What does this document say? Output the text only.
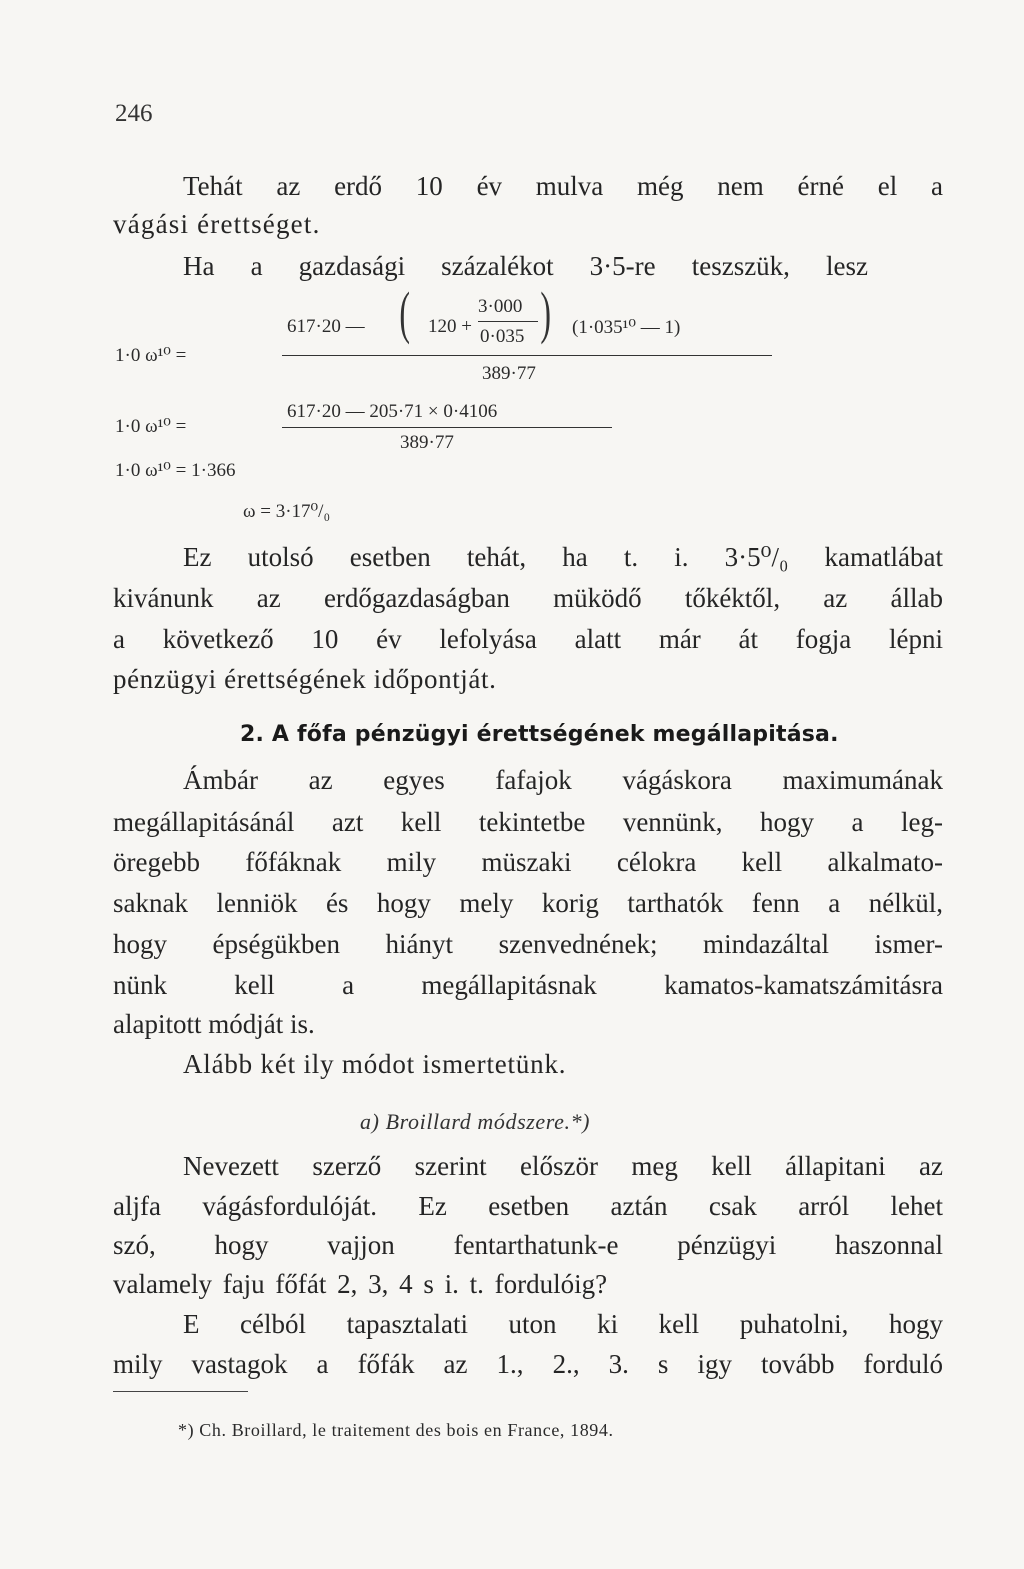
246
Tehát az erdő 10 év mulva még nem érné el a
vágási érettséget.
Ha a gazdasági százalékot 3·5-re teszszük, lesz
1·0 ω¹⁰ =
617·20 — ( 120 +
3·000
0·035 ) (1·035¹⁰ — 1)
389·77
1·0 ω¹⁰ =
617·20 — 205·71 × 0·4106
389·77
1·0 ω¹⁰ = 1·366
ω = 3·17⁰/₀
Ez utolsó esetben tehát, ha t. i. 3·5⁰/₀ kamatlábat
kivánunk az erdőgazdaságban müködő tőkéktől, az állab
a következő 10 év lefolyása alatt már át fogja lépni
pénzügyi érettségének időpontját.
2. A főfa pénzügyi érettségének megállapitása.
Ámbár az egyes fafajok vágáskora maximumának
megállapitásánál azt kell tekintetbe vennünk, hogy a leg-
öregebb főfáknak mily müszaki célokra kell alkalmato-
saknak lenniök és hogy mely korig tarthatók fenn a nélkül,
hogy épségükben hiányt szenvednének; mindazáltal ismer-
nünk kell a megállapitásnak kamatos-kamatszámitásra
alapitott módját is.
Alább két ily módot ismertetünk.
a) Broillard módszere.*)
Nevezett szerző szerint először meg kell állapitani az
aljfa vágásfordulóját. Ez esetben aztán csak arról lehet
szó, hogy vajjon fentarthatunk-e pénzügyi haszonnal
valamely faju főfát 2, 3, 4 s i. t. fordulóig?
E célból tapasztalati uton ki kell puhatolni, hogy
mily vastagok a főfák az 1., 2., 3. s igy tovább forduló
*) Ch. Broillard, le traitement des bois en France, 1894.
